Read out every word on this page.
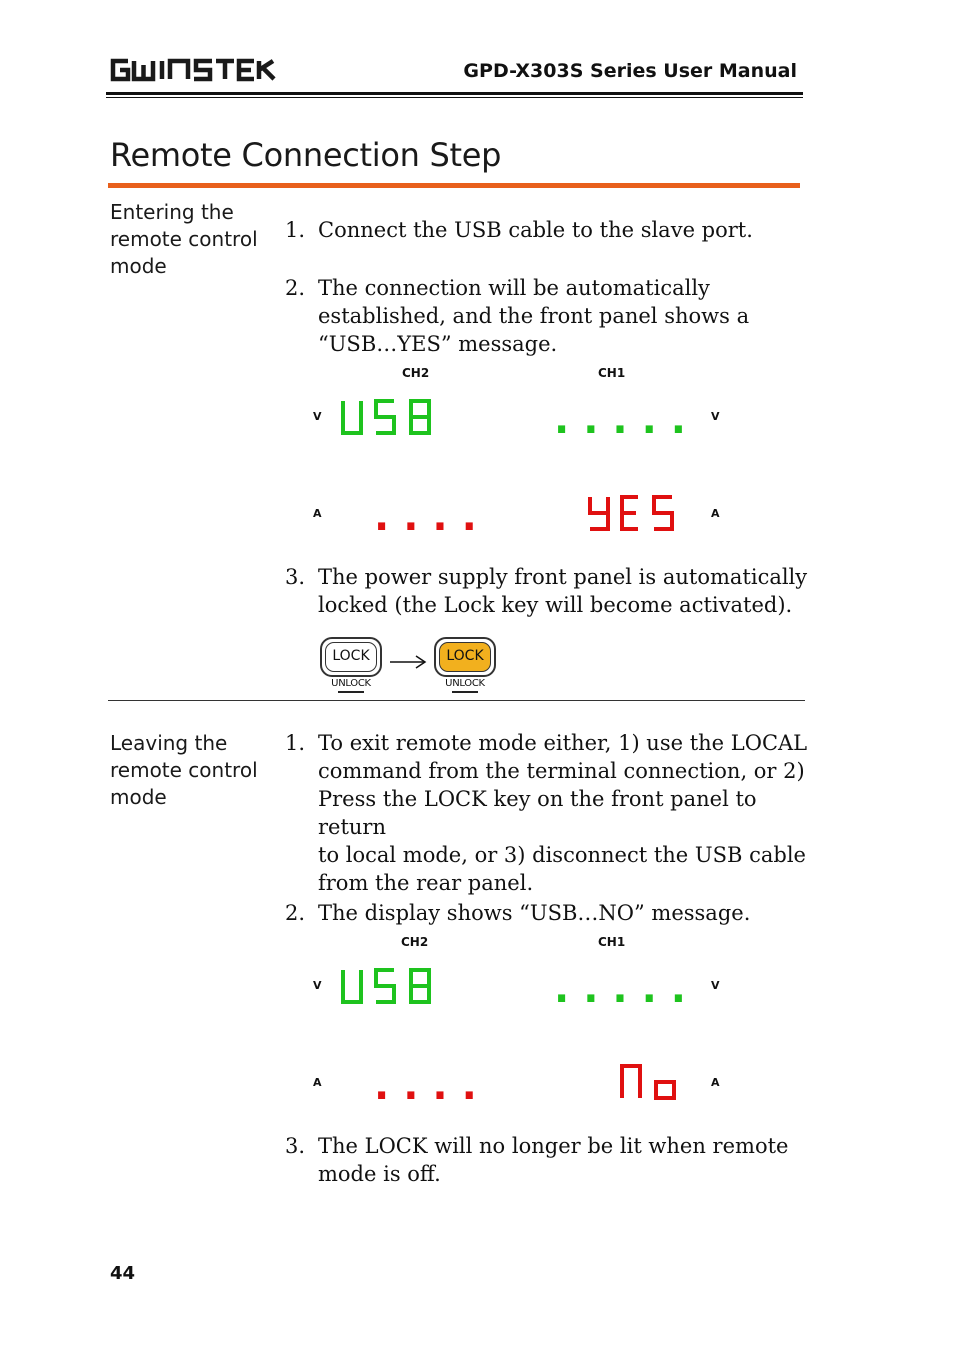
GPD-X303S Series User Manual
Remote Connection Step
Entering the
remote control
mode
1. Connect the USB cable to the slave port.
2. The connection will be automatically
established, and the front panel shows a
“USB…YES” message.
CH2	CH1
V	V
A	A
.....
....
3. The power supply front panel is automatically
locked (the Lock key will become activated).
LOCK
UNLOCK
LOCK
UNLOCK
Leaving the
remote control
mode
1. To exit remote mode either, 1) use the LOCAL
command from the terminal connection, or 2)
Press the LOCK key on the front panel to return
to local mode, or 3) disconnect the USB cable
from the rear panel.
2. The display shows “USB…NO” message.
CH2	CH1
V	V
A	A
.....
....
3. The LOCK will no longer be lit when remote
mode is off.
44
